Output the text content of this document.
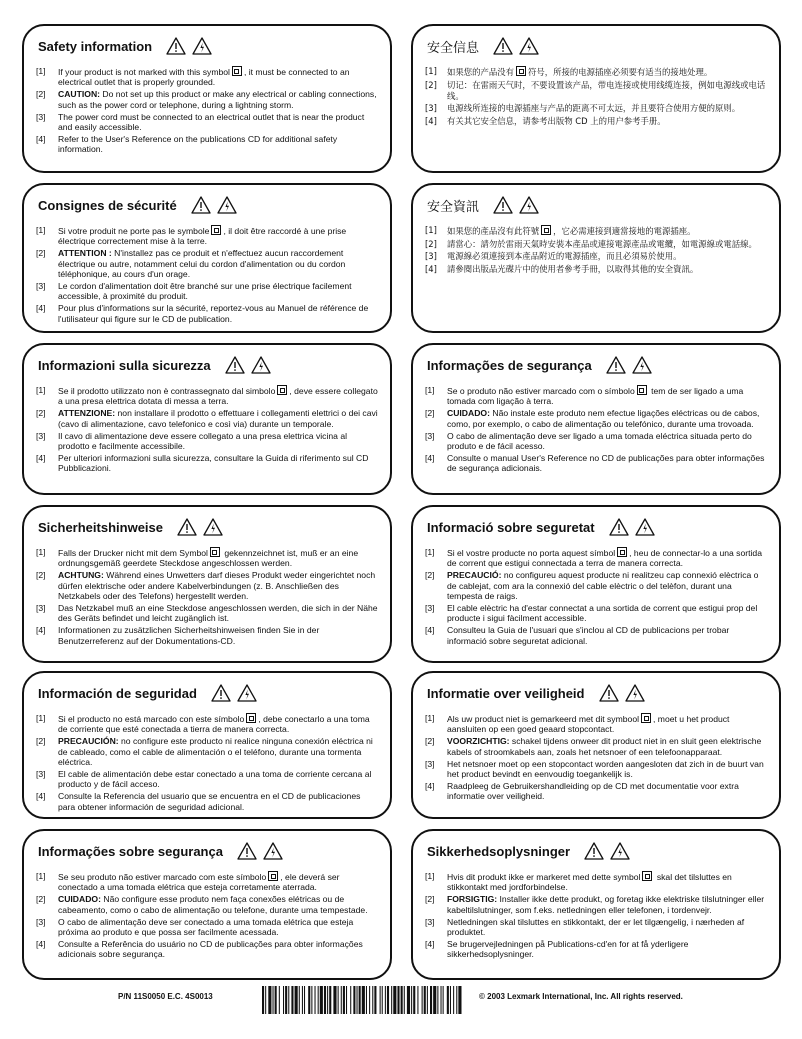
Safety information
[1]	If your product is not marked with this symbol , it must be connected to an electrical outlet that is properly grounded.
[2]	CAUTION: Do not set up this product or make any electrical or cabling connections, such as the power cord or telephone, during a lightning storm.
[3]	The power cord must be connected to an electrical outlet that is near the product and easily accessible.
[4]	Refer to the User's Reference on the publications CD for additional safety information.
Consignes de sécurité
[1]	Si votre produit ne porte pas le symbole , il doit être raccordé à une prise électrique correctement mise à la terre.
[2]	ATTENTION : N'installez pas ce produit et n'effectuez aucun raccordement électrique ou autre, notamment celui du cordon d'alimentation ou du cordon téléphonique, au cours d'un orage.
[3]	Le cordon d'alimentation doit être branché sur une prise électrique facilement accessible, à proximité du produit.
[4]	Pour plus d'informations sur la sécurité, reportez-vous au Manuel de référence de l'utilisateur qui figure sur le CD de publication.
Informazioni sulla sicurezza
[1]	Se il prodotto utilizzato non è contrassegnato dal simbolo , deve essere collegato a una presa elettrica dotata di messa a terra.
[2]	ATTENZIONE: non installare il prodotto o effettuare i collegamenti elettrici o dei cavi (cavo di alimentazione, cavo telefonico e così via) durante un temporale.
[3]	Il cavo di alimentazione deve essere collegato a una presa elettrica vicina al prodotto e facilmente accessibile.
[4]	Per ulteriori informazioni sulla sicurezza, consultare la Guida di riferimento sul CD Pubblicazioni.
Sicherheitshinweise
[1]	Falls der Drucker nicht mit dem Symbol gekennzeichnet ist, muß er an eine ordnungsgemäß geerdete Steckdose angeschlossen werden.
[2]	ACHTUNG: Während eines Unwetters darf dieses Produkt weder eingerichtet noch dürfen elektrische oder andere Kabelverbindungen (z. B. Anschließen des Netzkabels oder des Telefons) hergestellt werden.
[3]	Das Netzkabel muß an eine Steckdose angeschlossen werden, die sich in der Nähe des Geräts befindet und leicht zugänglich ist.
[4]	Informationen zu zusätzlichen Sicherheitshinweisen finden Sie in der Benutzerreferenz auf der Dokumentations-CD.
Información de seguridad
[1]	Si el producto no está marcado con este símbolo , debe conectarlo a una toma de corriente que esté conectada a tierra de manera correcta.
[2]	PRECAUCIÓN: no configure este producto ni realice ninguna conexión eléctrica ni de cableado, como el cable de alimentación o el teléfono, durante una tormenta eléctrica.
[3]	El cable de alimentación debe estar conectado a una toma de corriente cercana al producto y de fácil acceso.
[4]	Consulte la Referencia del usuario que se encuentra en el CD de publicaciones para obtener información de seguridad adicional.
Informações sobre segurança
[1]	Se seu produto não estiver marcado com este símbolo , ele deverá ser conectado a uma tomada elétrica que esteja corretamente aterrada.
[2]	CUIDADO: Não configure esse produto nem faça conexões elétricas ou de cabeamento, como o cabo de alimentação ou telefone, durante uma tempestade.
[3]	O cabo de alimentação deve ser conectado a uma tomada elétrica que esteja próxima ao produto e que possa ser facilmente acessada.
[4]	Consulte a Referência do usuário no CD de publicações para obter informações adicionais sobre segurança.
安全信息
[1]	如果您的产品没有 符号，所接的电源插座必须要有适当的接地处理。
[2]	切记：在雷雨天气时，不要设置该产品，带电连接或使用线缆连接，例如电源线或电话线。
[3]	电源线所连接的电源插座与产品的距离不可太远，并且要符合使用方便的原则。
[4]	有关其它安全信息，请参考出版物 CD 上的用户参考手册。
安全資訊
[1]	如果您的產品沒有此符號 ，它必需連接到適當接地的電源插座。
[2]	請當心：請勿於雷雨天氣時安裝本產品或連接電源產品或電纜，如電源線或電話線。
[3]	電源線必須連接到本產品附近的電源插座，而且必須易於使用。
[4]	請參閱出版品光碟片中的使用者參考手冊，以取得其他的安全資訊。
Informações de segurança
[1]	Se o produto não estiver marcado com o símbolo tem de ser ligado a uma tomada com ligação à terra.
[2]	CUIDADO: Não instale este produto nem efectue ligações eléctricas ou de cabos, como, por exemplo, o cabo de alimentação ou telefónico, durante uma trovoada.
[3]	O cabo de alimentação deve ser ligado a uma tomada eléctrica situada perto do produto e de fácil acesso.
[4]	Consulte o manual User's Reference no CD de publicações para obter informações de segurança adicionais.
Informació sobre seguretat
[1]	Si el vostre producte no porta aquest símbol , heu de connectar-lo a una sortida de corrent que estigui connectada a terra de manera correcta.
[2]	PRECAUCIÓ: no configureu aquest producte ni realitzeu cap connexió elèctrica o de cablejat, com ara la connexió del cable elèctric o del telèfon, durant una tempesta de raigs.
[3]	El cable elèctric ha d'estar connectat a una sortida de corrent que estigui prop del producte i sigui fàcilment accessible.
[4]	Consulteu la Guia de l'usuari que s'inclou al CD de publicacions per trobar informació sobre seguretat adicional.
Informatie over veiligheid
[1]	Als uw product niet is gemarkeerd met dit symbool , moet u het product aansluiten op een goed geaard stopcontact.
[2]	VOORZICHTIG: schakel tijdens onweer dit product niet in en sluit geen elektrische kabels of stroomkabels aan, zoals het netsnoer of een telefoonapparaat.
[3]	Het netsnoer moet op een stopcontact worden aangesloten dat zich in de buurt van het product bevindt en eenvoudig toegankelijk is.
[4]	Raadpleeg de Gebruikershandleiding op de CD met documentatie voor extra informatie over veiligheid.
Sikkerhedsoplysninger
[1]	Hvis dit produkt ikke er markeret med dette symbol skal det tilsluttes en stikkontakt med jordforbindelse.
[2]	FORSIGTIG: Installer ikke dette produkt, og foretag ikke elektriske tilslutninger eller kabeltilslutninger, som f.eks. netledningen eller telefonen, i tordenvejr.
[3]	Netledningen skal tilsluttes en stikkontakt, der er let tilgængelig, i nærheden af produktet.
[4]	Se brugervejledningen på Publications-cd'en for at få yderligere sikkerhedsoplysninger.
P/N 11S0050 E.C. 4S0013	© 2003 Lexmark International, Inc. All rights reserved.
